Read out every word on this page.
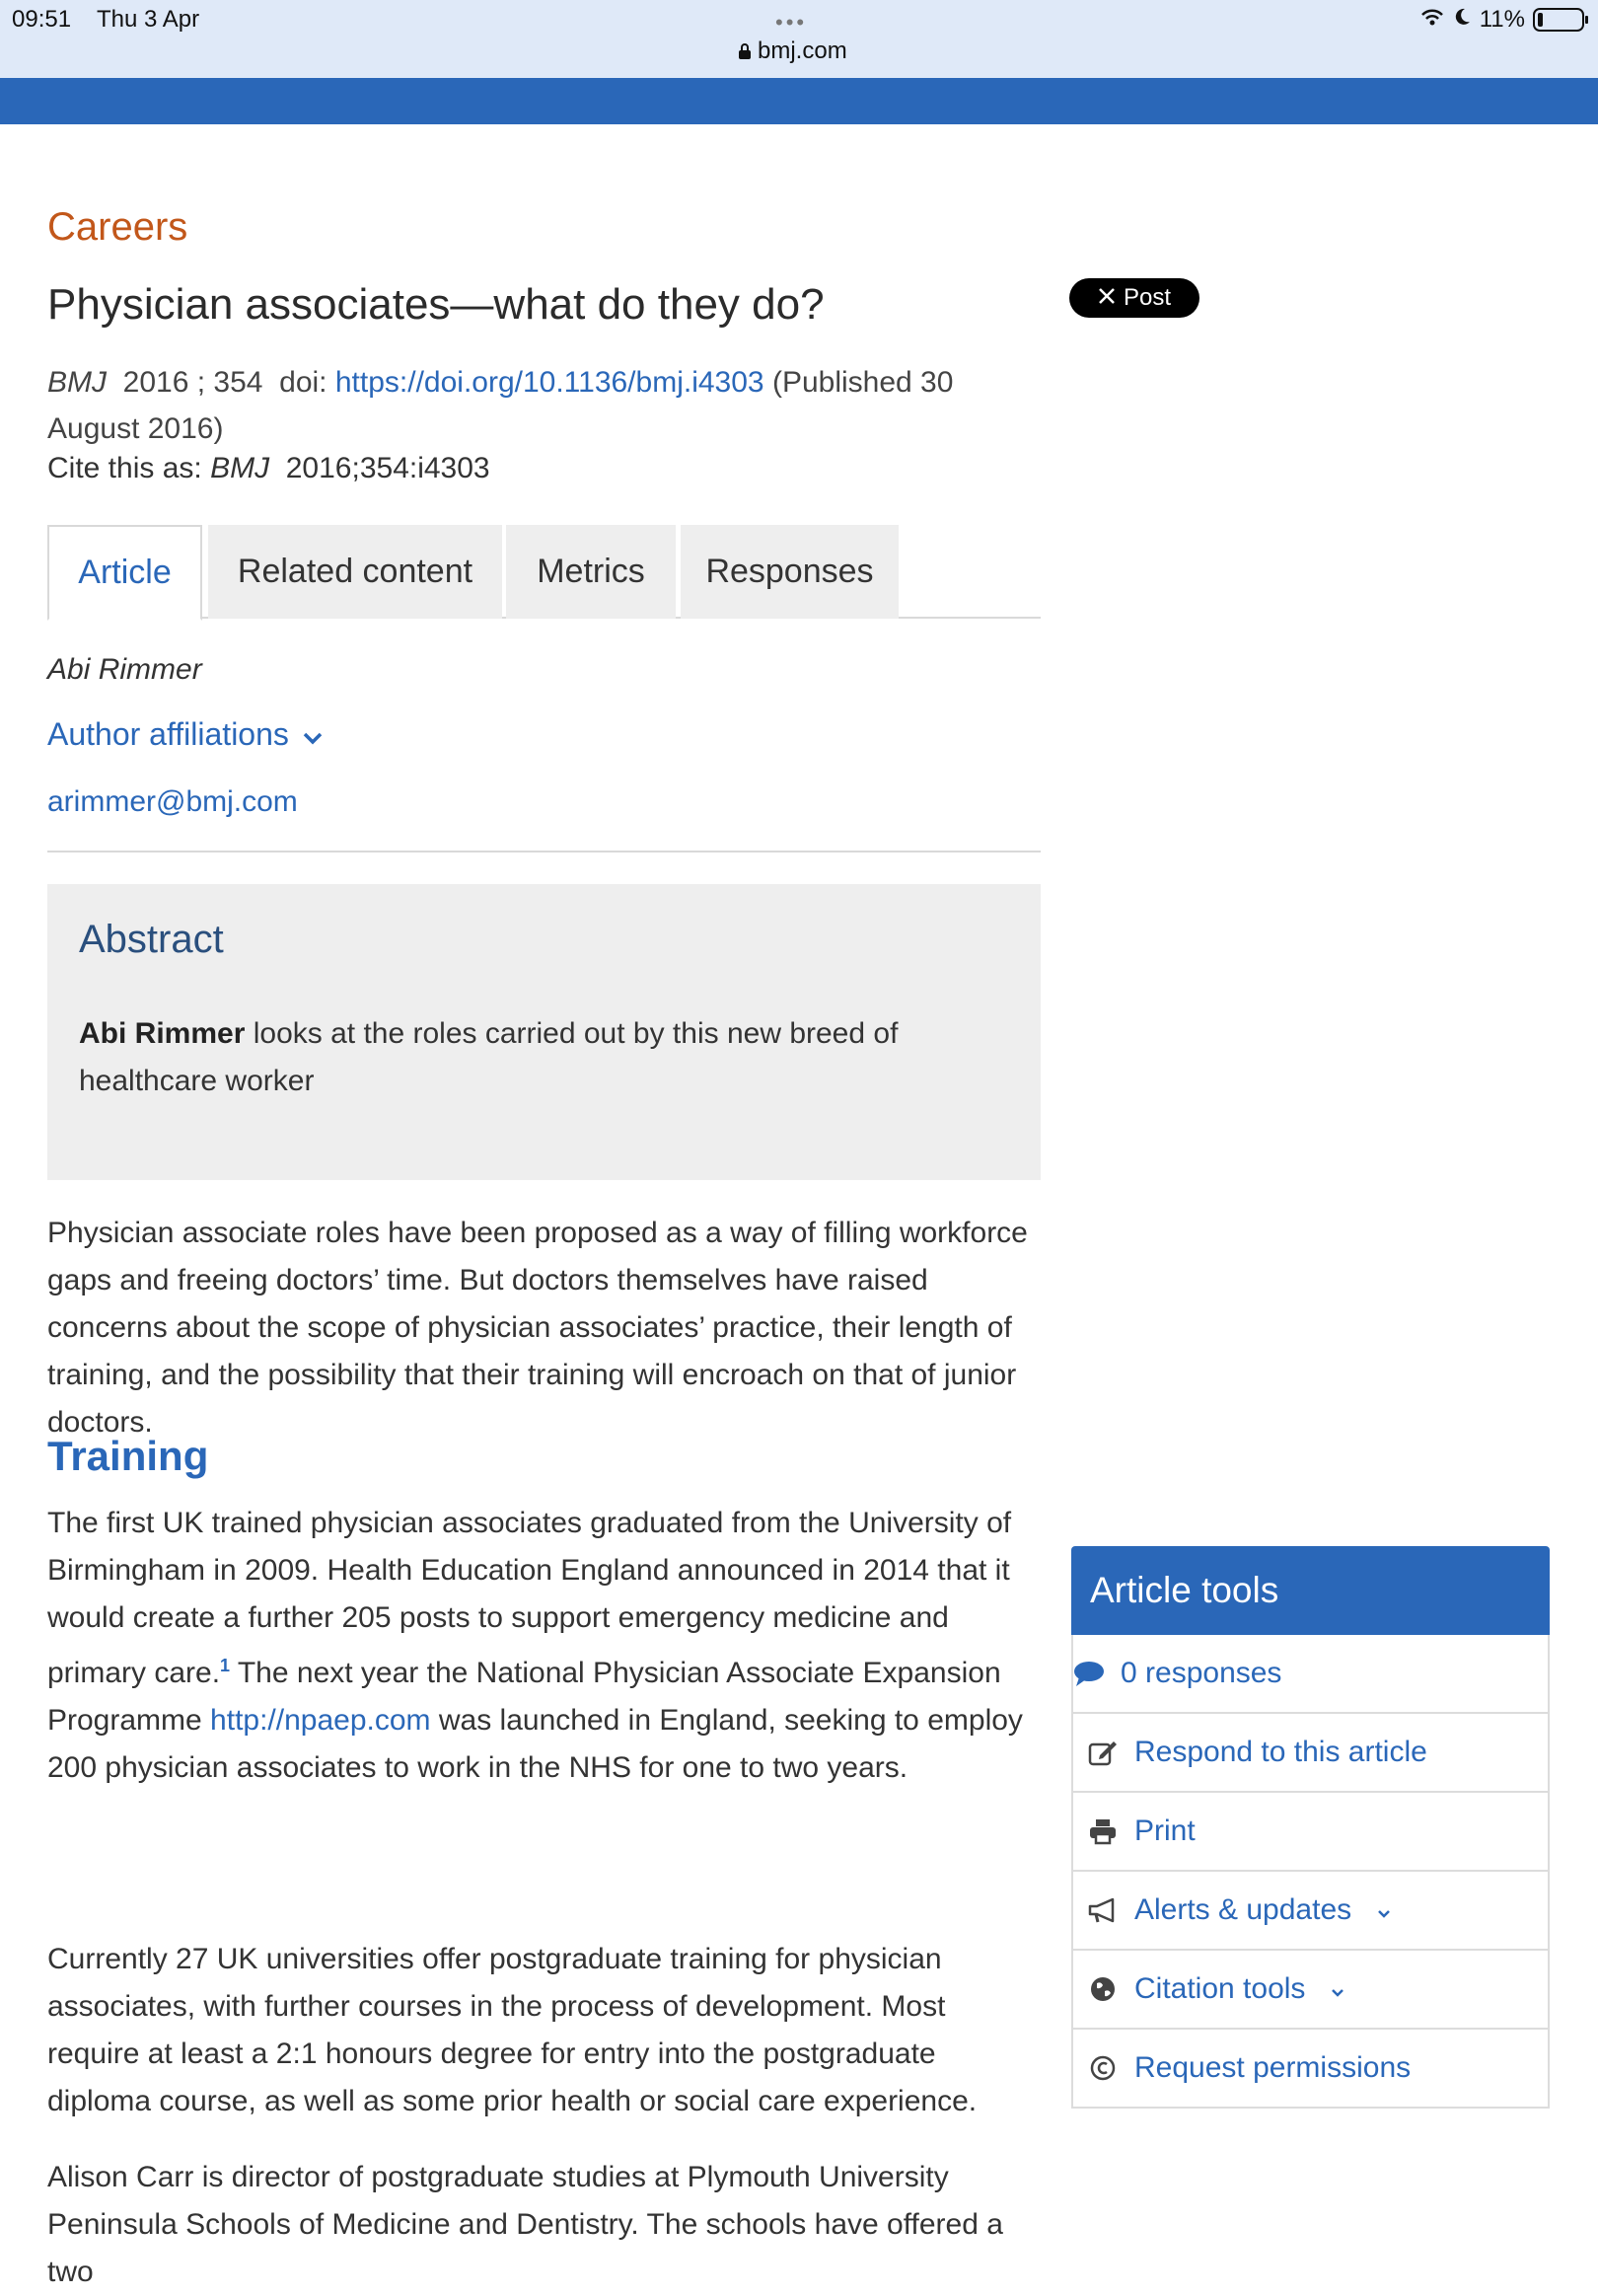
09:51 Thu 3 Apr	•••
bmj.com
11%
Careers
Physician associates—what do they do?
BMJ 2016 ; 354 doi: https://doi.org/10.1136/bmj.i4303 (Published 30 August 2016)
Cite this as: BMJ 2016;354:i4303
Article	Related content	Metrics	Responses
Abi Rimmer
Author affiliations
arimmer@bmj.com
Abstract
Abi Rimmer looks at the roles carried out by this new breed of healthcare worker

Physician associate roles have been proposed as a way of filling workforce gaps and freeing doctors’ time. But doctors themselves have raised concerns about the scope of physician associates’ practice, their length of training, and the possibility that their training will encroach on that of junior doctors.

Training

The first UK trained physician associates graduated from the University of Birmingham in 2009. Health Education England announced in 2014 that it would create a further 205 posts to support emergency medicine and primary care.$^1$ The next year the National Physician Associate Expansion Programme http://npaep.com was launched in England, seeking to employ 200 physician associates to work in the NHS for one to two years.

Currently 27 UK universities offer postgraduate training for physician associates, with further courses in the process of development. Most require at least a 2:1 honours degree for entry into the postgraduate diploma course, as well as some prior health or social care experience.

Alison Carr is director of postgraduate studies at Plymouth University Peninsula Schools of Medicine and Dentistry. The schools have offered a two

Post
Article tools
0 responses
Respond to this article
Print
Alerts & updates
Citation tools
Request permissions
